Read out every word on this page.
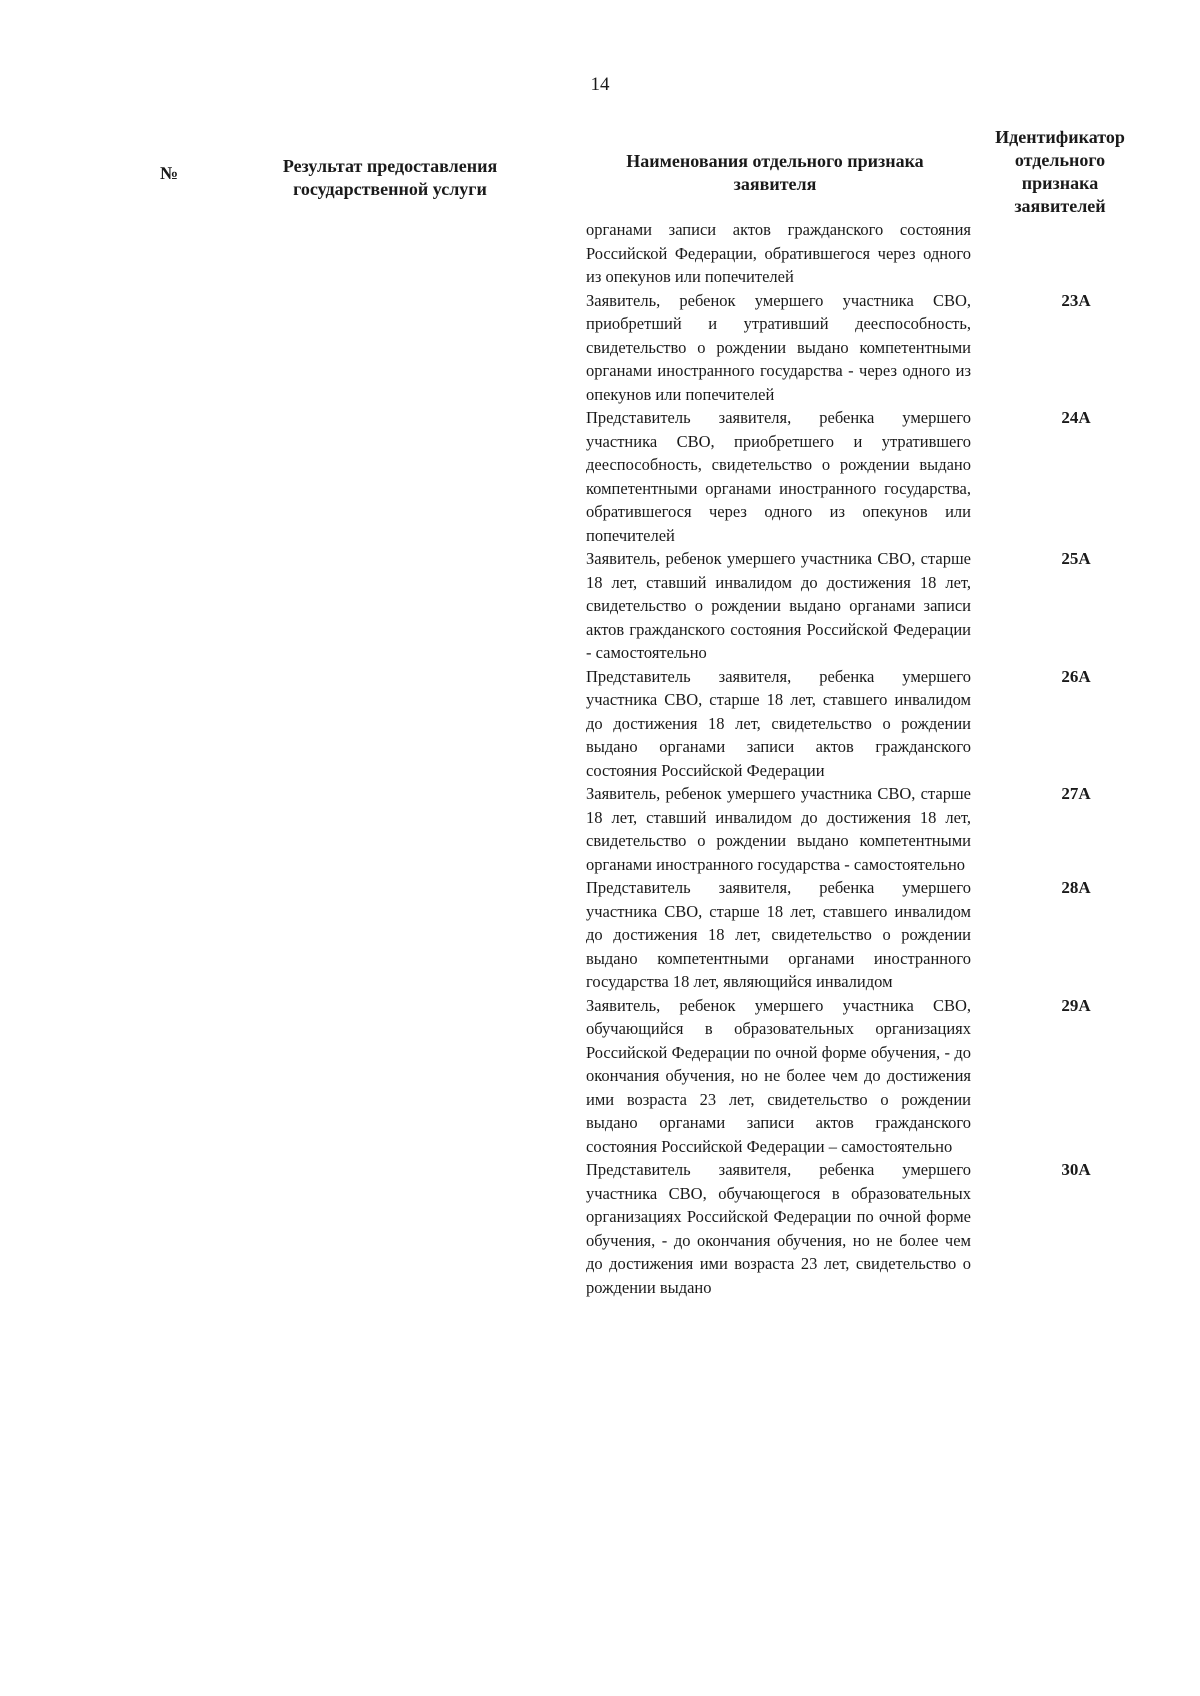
14
№	Результат предоставления государственной услуги
Наименования отдельного признака заявителя
Идентификатор отдельного признака заявителей
органами записи актов гражданского состояния Российской Федерации, обратившегося через одного из опекунов или попечителей
Заявитель, ребенок умершего участника СВО, приобретший и утративший дееспособность, свидетельство о рождении выдано компетентными органами иностранного государства - через одного из опекунов или попечителей
23А
Представитель заявителя, ребенка умершего участника СВО, приобретшего и утратившего дееспособность, свидетельство о рождении выдано компетентными органами иностранного государства, обратившегося через одного из опекунов или попечителей
24А
Заявитель, ребенок умершего участника СВО, старше 18 лет, ставший инвалидом до достижения 18 лет, свидетельство о рождении выдано органами записи актов гражданского состояния Российской Федерации - самостоятельно
25А
Представитель заявителя, ребенка умершего участника СВО, старше 18 лет, ставшего инвалидом до достижения 18 лет, свидетельство о рождении выдано органами записи актов гражданского состояния Российской Федерации
26А
Заявитель, ребенок умершего участника СВО, старше 18 лет, ставший инвалидом до достижения 18 лет, свидетельство о рождении выдано компетентными органами иностранного государства - самостоятельно
27А
Представитель заявителя, ребенка умершего участника СВО, старше 18 лет, ставшего инвалидом до достижения 18 лет, свидетельство о рождении выдано компетентными органами иностранного государства 18 лет, являющийся инвалидом
28А
Заявитель, ребенок умершего участника СВО, обучающийся в образовательных организациях Российской Федерации по очной форме обучения, - до окончания обучения, но не более чем до достижения ими возраста 23 лет, свидетельство о рождении выдано органами записи актов гражданского состояния Российской Федерации – самостоятельно
29А
Представитель заявителя, ребенка умершего участника СВО, обучающегося в образовательных организациях Российской Федерации по очной форме обучения, - до окончания обучения, но не более чем до достижения ими возраста 23 лет, свидетельство о рождении выдано
30А
